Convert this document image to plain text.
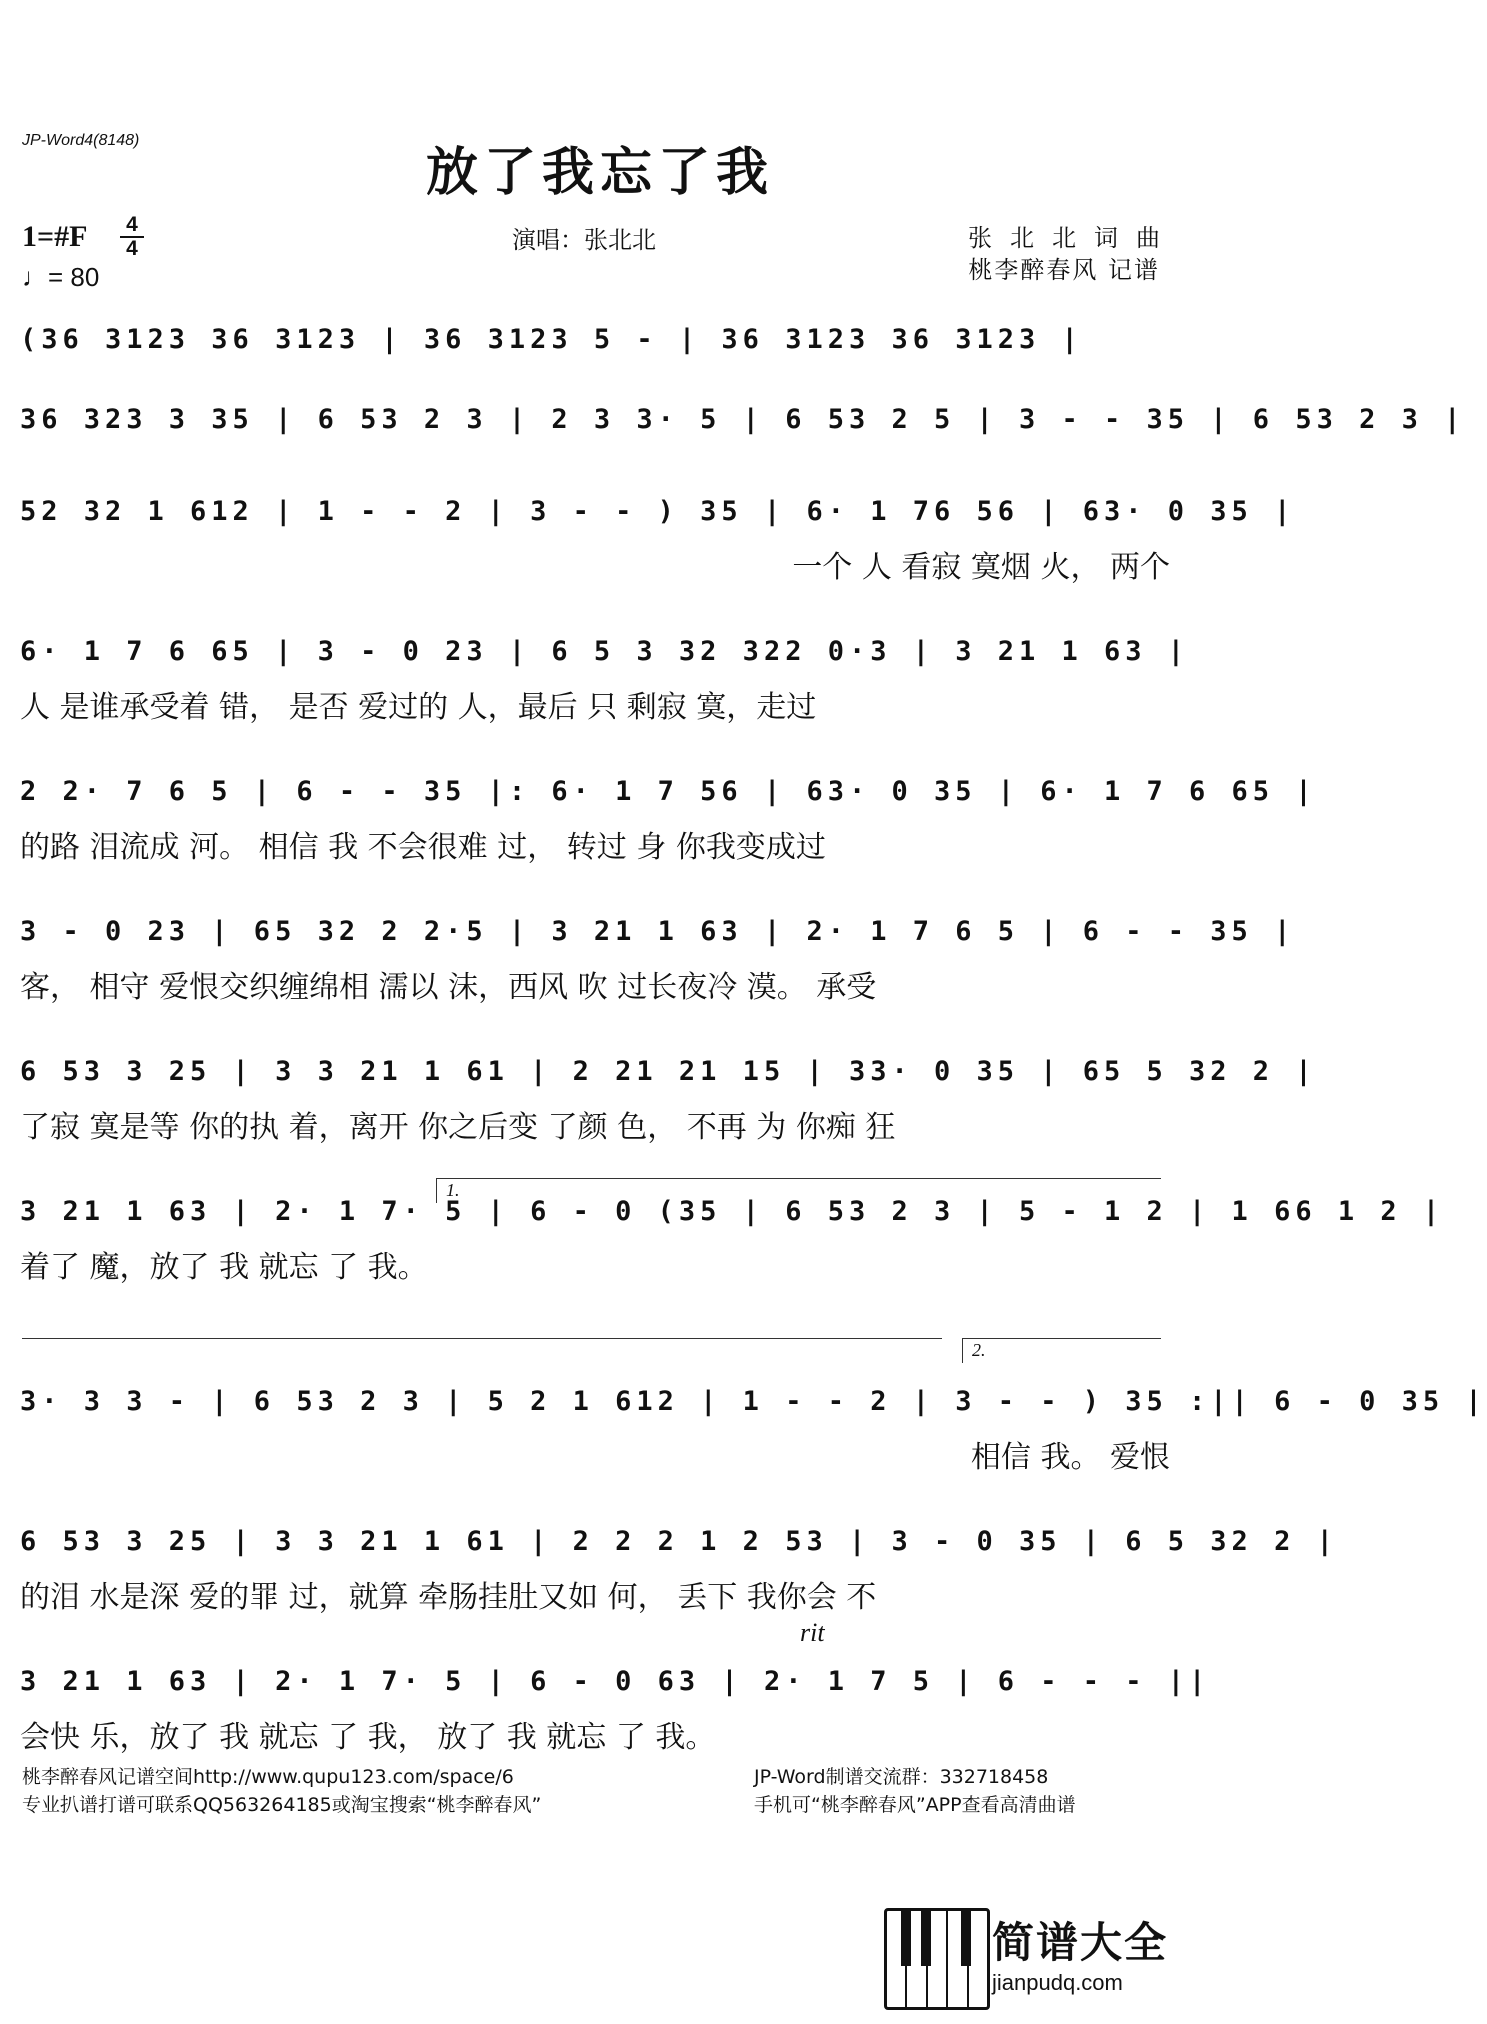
JP-Word4(8148)
放了我忘了我
1=#F 4
4
♩= 80
演唱：张北北	张北北词曲
桃李醉春风 记谱
(36 3123 36 3123 | 36 3123 5 - | 36 3123 36 3123 |
36 323 3 35 | 6 53 2 3 | 2 3 3· 5 | 6 53 2 5 | 3 - - 35 | 6 53 2 3 |
52 32 1 612 | 1 - - 2 | 3 - - ) 35 | 6· 1 76 56 | 63· 0 35 |
6· 1 7 6 65 | 3 - 0 23 | 6 5 3 32 322 0·3 | 3 21 1 63 |
2 2· 7 6 5 | 6 - - 35 |: 6· 1 7 56 | 63· 0 35 | 6· 1 7 6 65 |
3 - 0 23 | 65 32 2 2·5 | 3 21 1 63 | 2· 1 7 6 5 | 6 - - 35 |
6 53 3 25 | 3 3 21 1 61 | 2 21 21 15 | 33· 0 35 | 65 5 32 2 |
3 21 1 63 | 2· 1 7· 5 | 6 - 0 (35 | 6 53 2 3 | 5 - 1 2 | 1 66 1 2 |
3· 3 3 - | 6 53 2 3 | 5 2 1 612 | 1 - - 2 | 3 - - ) 35 :|| 6 - 0 35 |
6 53 3 25 | 3 3 21 1 61 | 2 2 2 1 2 53 | 3 - 0 35 | 6 5 32 2 |
3 21 1 63 | 2· 1 7· 5 | 6 - 0 63 | 2· 1 7 5 | 6 - - - ||
一个 人 看寂 寞烟 火， 两个
人 是谁承受着 错， 是否 爱过的 人，最后 只 剩寂 寞，走过
的路 泪流成 河。 相信 我 不会很难 过， 转过 身 你我变成过
客， 相守 爱恨交织缠绵相 濡以 沫，西风 吹 过长夜冷 漠。 承受
了寂 寞是等 你的执 着，离开 你之后变 了颜 色， 不再 为 你痴 狂
着了 魔，放了 我 就忘 了 我。
相信 我。 爱恨
的泪 水是深 爱的罪 过，就算 牵肠挂肚又如 何， 丢下 我你会 不
会快 乐，放了 我 就忘 了 我， 放了 我 就忘 了 我。
1.
2.
rit
桃李醉春风记谱空间http://www.qupu123.com/space/6
专业扒谱打谱可联系QQ563264185或淘宝搜索“桃李醉春风”
JP-Word制谱交流群：332718458
手机可“桃李醉春风”APP查看高清曲谱
简谱大全
jianpudq.com
